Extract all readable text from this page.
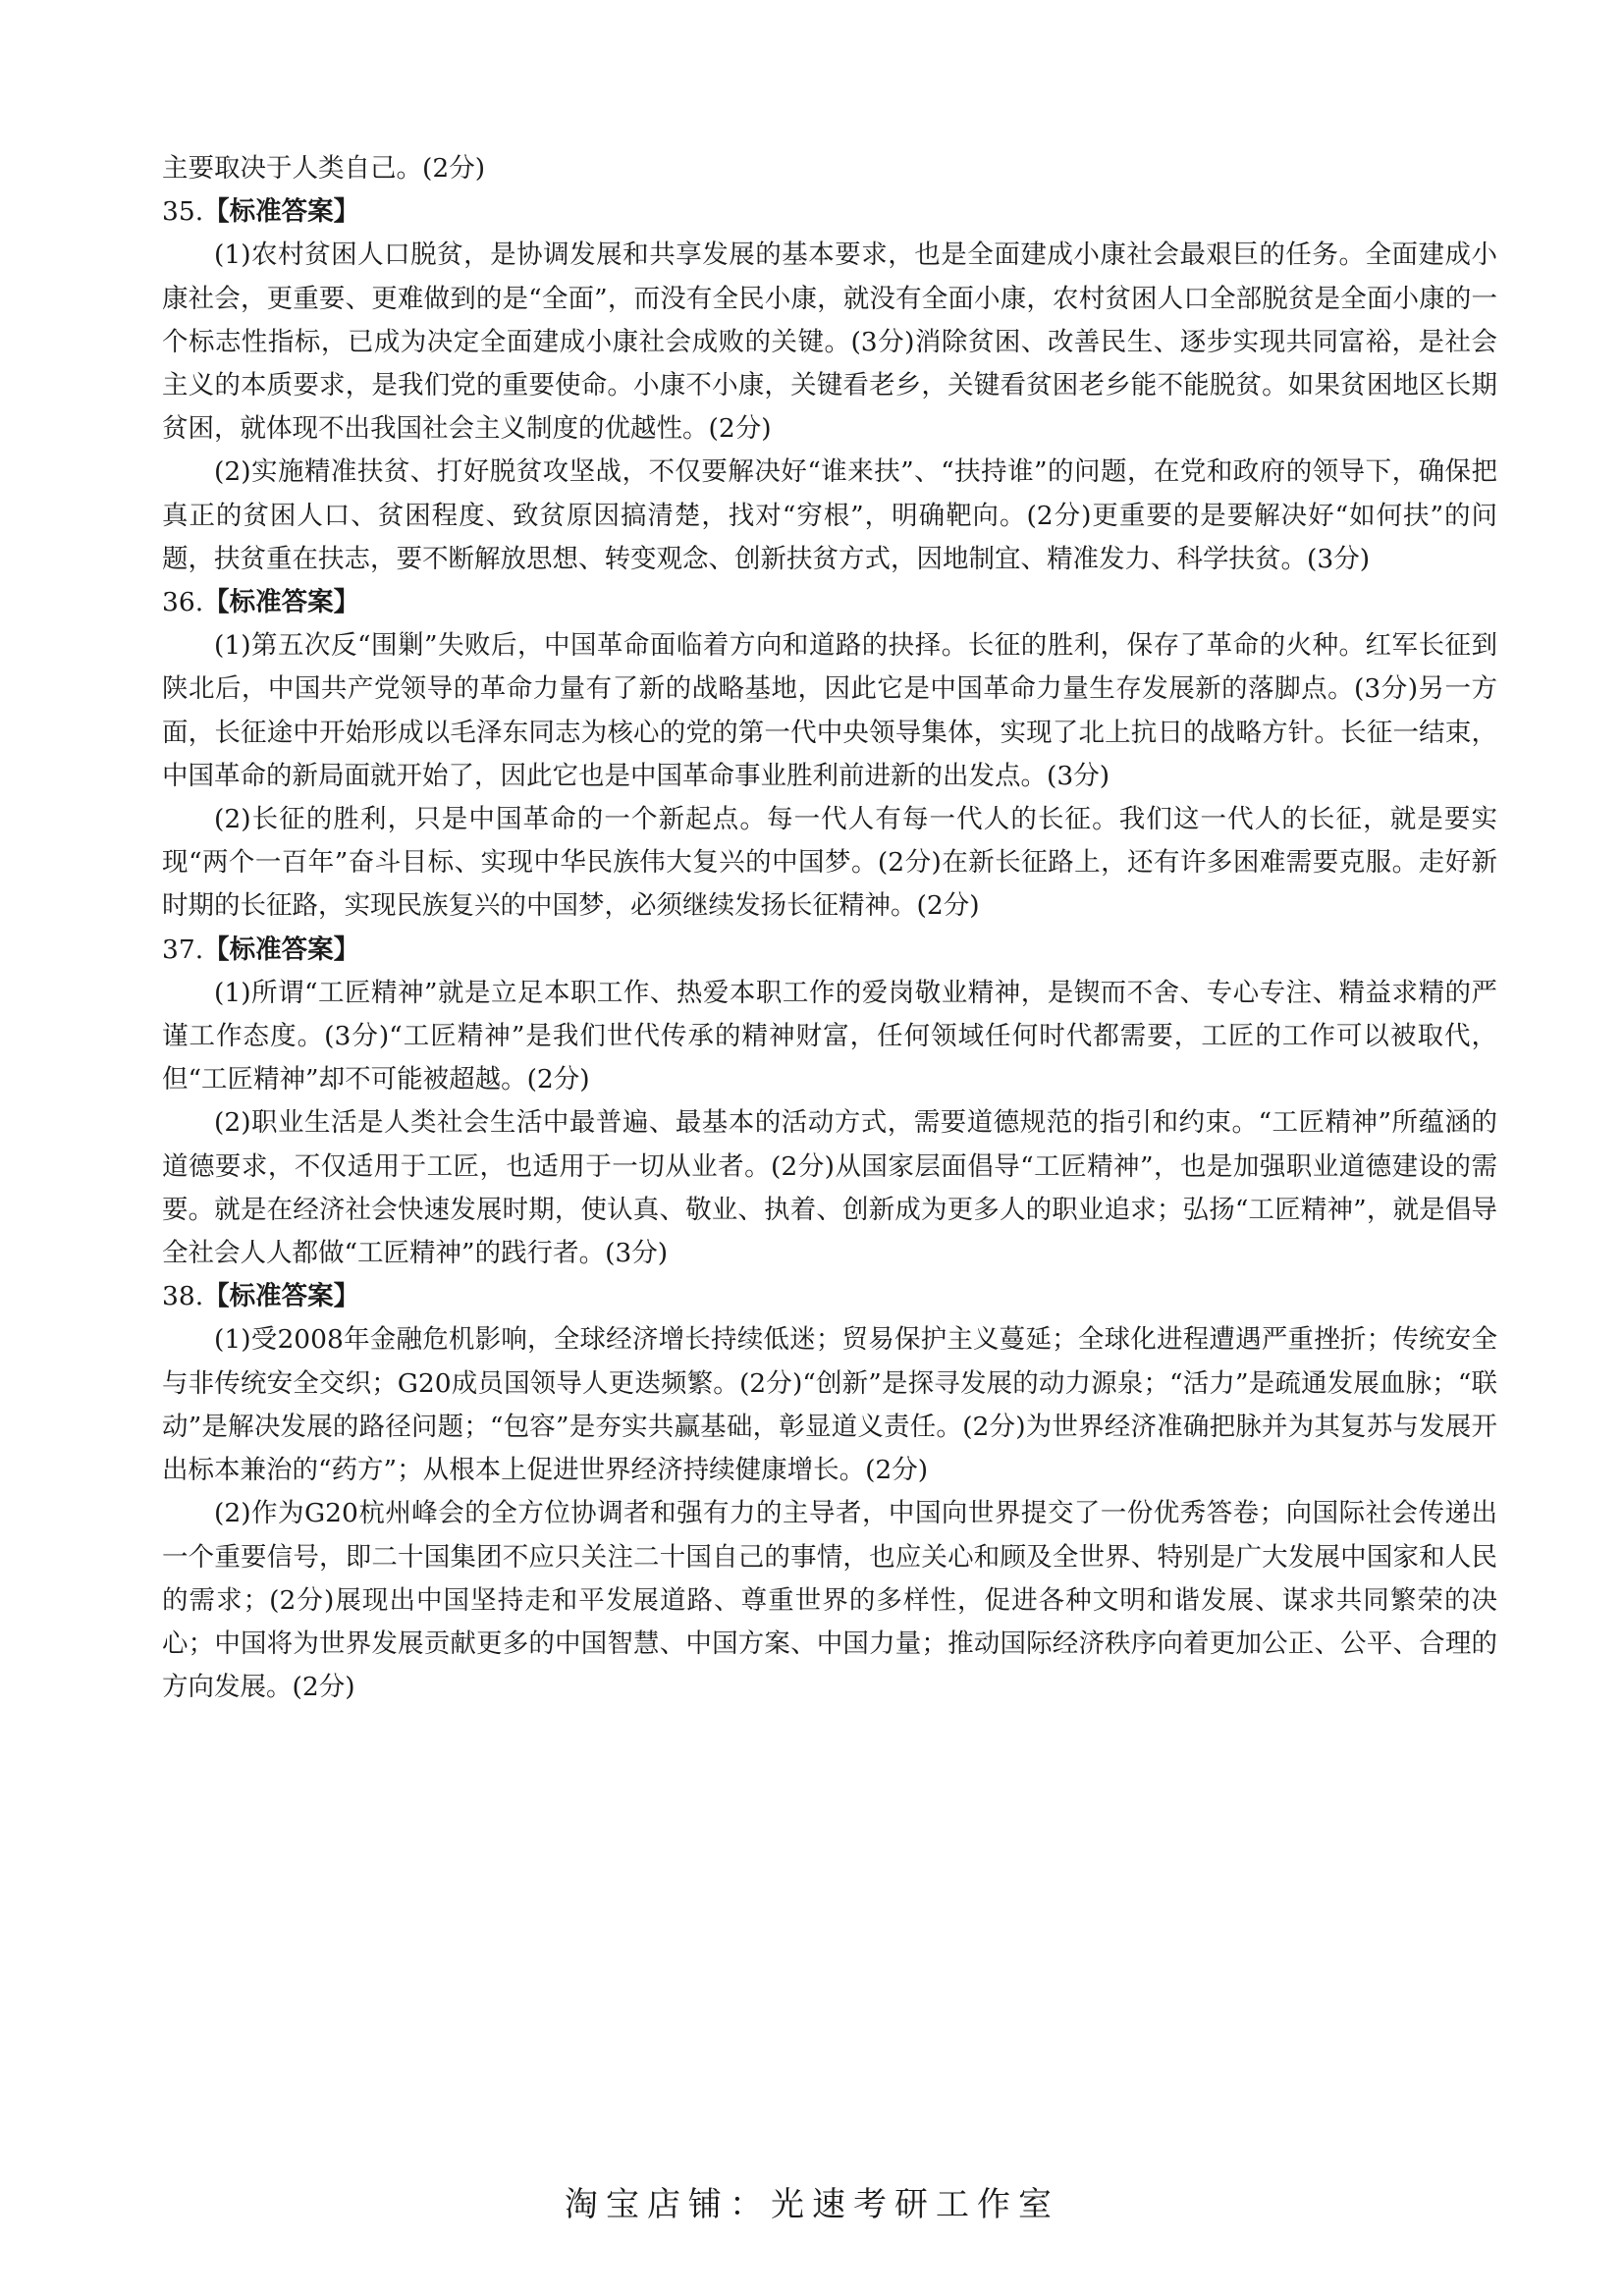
主要取决于人类自己。(2分)

35.【标准答案】

(1)农村贫困人口脱贫，是协调发展和共享发展的基本要求，也是全面建成小康社会最艰巨的任务。全面建成小康社会，更重要、更难做到的是“全面”，而没有全民小康，就没有全面小康，农村贫困人口全部脱贫是全面小康的一个标志性指标，已成为决定全面建成小康社会成败的关键。(3分)消除贫困、改善民生、逐步实现共同富裕，是社会主义的本质要求，是我们党的重要使命。小康不小康，关键看老乡，关键看贫困老乡能不能脱贫。如果贫困地区长期贫困，就体现不出我国社会主义制度的优越性。(2分)

(2)实施精准扶贫、打好脱贫攻坚战，不仅要解决好“谁来扶”、“扶持谁”的问题，在党和政府的领导下，确保把真正的贫困人口、贫困程度、致贫原因搞清楚，找对“穷根”，明确靶向。(2分)更重要的是要解决好“如何扶”的问题，扶贫重在扶志，要不断解放思想、转变观念、创新扶贫方式，因地制宜、精准发力、科学扶贫。(3分)

36.【标准答案】

(1)第五次反“围剿”失败后，中国革命面临着方向和道路的抉择。长征的胜利，保存了革命的火种。红军长征到陕北后，中国共产党领导的革命力量有了新的战略基地，因此它是中国革命力量生存发展新的落脚点。(3分)另一方面，长征途中开始形成以毛泽东同志为核心的党的第一代中央领导集体，实现了北上抗日的战略方针。长征一结束，中国革命的新局面就开始了，因此它也是中国革命事业胜利前进新的出发点。(3分)

(2)长征的胜利，只是中国革命的一个新起点。每一代人有每一代人的长征。我们这一代人的长征，就是要实现“两个一百年”奋斗目标、实现中华民族伟大复兴的中国梦。(2分)在新长征路上，还有许多困难需要克服。走好新时期的长征路，实现民族复兴的中国梦，必须继续发扬长征精神。(2分)

37.【标准答案】

(1)所谓“工匠精神”就是立足本职工作、热爱本职工作的爱岗敬业精神，是锲而不舍、专心专注、精益求精的严谨工作态度。(3分)“工匠精神”是我们世代传承的精神财富，任何领域任何时代都需要，工匠的工作可以被取代，但“工匠精神”却不可能被超越。(2分)

(2)职业生活是人类社会生活中最普遍、最基本的活动方式，需要道德规范的指引和约束。“工匠精神”所蕴涵的道德要求，不仅适用于工匠，也适用于一切从业者。(2分)从国家层面倡导“工匠精神”，也是加强职业道德建设的需要。就是在经济社会快速发展时期，使认真、敬业、执着、创新成为更多人的职业追求；弘扬“工匠精神”，就是倡导全社会人人都做“工匠精神”的践行者。(3分)

38.【标准答案】

(1)受2008年金融危机影响，全球经济增长持续低迷；贸易保护主义蔓延；全球化进程遭遇严重挫折；传统安全与非传统安全交织；G20成员国领导人更迭频繁。(2分)“创新”是探寻发展的动力源泉；“活力”是疏通发展血脉；“联动”是解决发展的路径问题；“包容”是夯实共赢基础，彰显道义责任。(2分)为世界经济准确把脉并为其复苏与发展开出标本兼治的“药方”；从根本上促进世界经济持续健康增长。(2分)

(2)作为G20杭州峰会的全方位协调者和强有力的主导者，中国向世界提交了一份优秀答卷；向国际社会传递出一个重要信号，即二十国集团不应只关注二十国自己的事情，也应关心和顾及全世界、特别是广大发展中国家和人民的需求；(2分)展现出中国坚持走和平发展道路、尊重世界的多样性，促进各种文明和谐发展、谋求共同繁荣的决心；中国将为世界发展贡献更多的中国智慧、中国方案、中国力量；推动国际经济秩序向着更加公正、公平、合理的方向发展。(2分)

淘宝店铺：光速考研工作室
